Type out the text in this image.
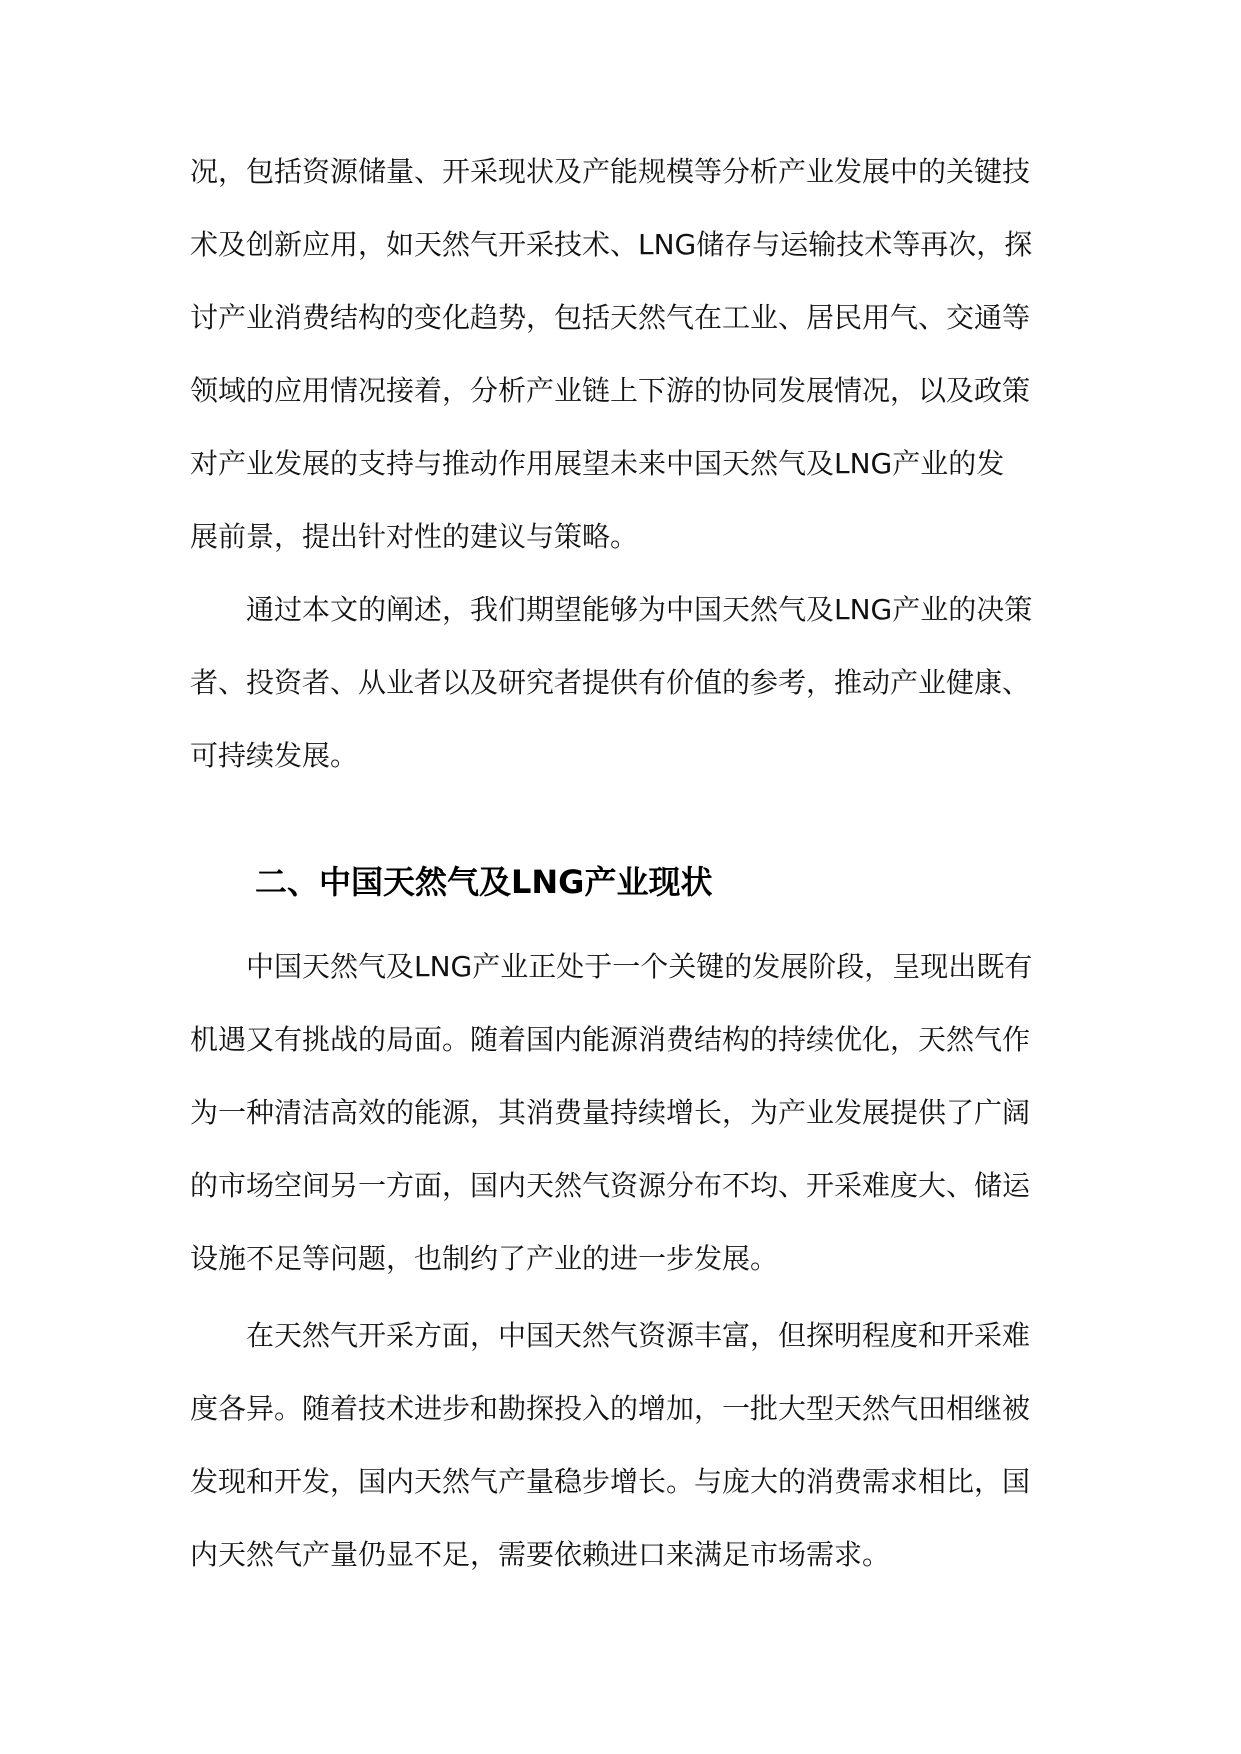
况，包括资源储量、开采现状及产能规模等分析产业发展中的关键技
术及创新应用，如天然气开采技术、LNG储存与运输技术等再次，探
讨产业消费结构的变化趋势，包括天然气在工业、居民用气、交通等
领域的应用情况接着，分析产业链上下游的协同发展情况，以及政策
对产业发展的支持与推动作用展望未来中国天然气及LNG产业的发
展前景，提出针对性的建议与策略。
通过本文的阐述，我们期望能够为中国天然气及LNG产业的决策
者、投资者、从业者以及研究者提供有价值的参考，推动产业健康、
可持续发展。
二、中国天然气及LNG产业现状
中国天然气及LNG产业正处于一个关键的发展阶段，呈现出既有
机遇又有挑战的局面。随着国内能源消费结构的持续优化，天然气作
为一种清洁高效的能源，其消费量持续增长，为产业发展提供了广阔
的市场空间另一方面，国内天然气资源分布不均、开采难度大、储运
设施不足等问题，也制约了产业的进一步发展。
在天然气开采方面，中国天然气资源丰富，但探明程度和开采难
度各异。随着技术进步和勘探投入的增加，一批大型天然气田相继被
发现和开发，国内天然气产量稳步增长。与庞大的消费需求相比，国
内天然气产量仍显不足，需要依赖进口来满足市场需求。
